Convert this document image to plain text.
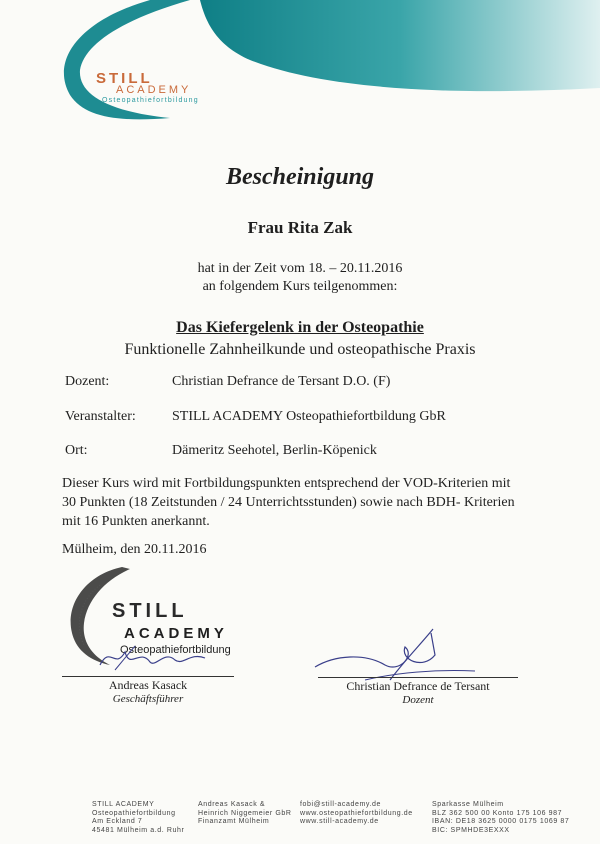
STILL
ACADEMY
Osteopathiefortbildung
Bescheinigung
Frau Rita Zak
hat in der Zeit vom 18. – 20.11.2016
an folgendem Kurs teilgenommen:
Das Kiefergelenk in der Osteopathie
Funktionelle Zahnheilkunde und osteopathische Praxis
Dozent:	Christian Defrance de Tersant D.O. (F)
Veranstalter:	STILL ACADEMY Osteopathiefortbildung GbR
Ort:	Dämeritz Seehotel, Berlin-Köpenick
Dieser Kurs wird mit Fortbildungspunkten entsprechend der VOD-Kriterien mit
30 Punkten (18 Zeitstunden / 24 Unterrichtsstunden) sowie nach BDH- Kriterien
mit 16 Punkten anerkannt.
Mülheim, den 20.11.2016
STILL
ACADEMY
Osteopathiefortbildung
Andreas Kasack
Geschäftsführer
Christian Defrance de Tersant
Dozent
STILL ACADEMY
Osteopathiefortbildung
Am Eckland 7
45481 Mülheim a.d. Ruhr
Andreas Kasack &
Heinrich Niggemeier GbR
Finanzamt Mülheim
fobi@still-academy.de
www.osteopathiefortbildung.de
www.still-academy.de
Sparkasse Mülheim
BLZ 362 500 00 Konto 175 106 987
IBAN: DE18 3625 0000 0175 1069 87
BIC: SPMHDE3EXXX
